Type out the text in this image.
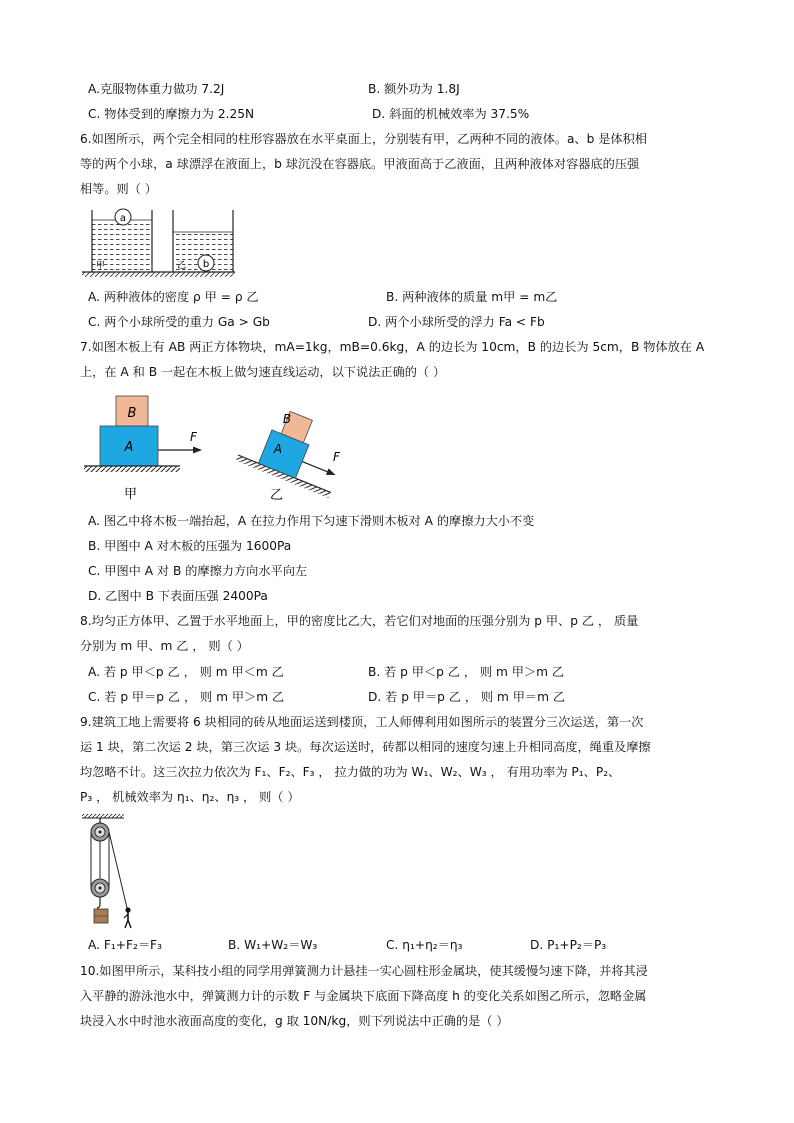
A.克服物体重力做功 7.2J	B. 额外功为 1.8J
C. 物体受到的摩擦力为 2.25N	D. 斜面的机械效率为 37.5%
6.如图所示，两个完全相同的柱形容器放在水平桌面上，分别装有甲，乙两种不同的液体。a、b 是体积相
等的两个小球，a 球漂浮在液面上，b 球沉没在容器底。甲液面高于乙液面，且两种液体对容器底的压强
相等。则（ ）
a
甲	b
乙
A. 两种液体的密度 ρ 甲 = ρ 乙	B. 两种液体的质量 m甲 = m乙
C. 两个小球所受的重力 Ga > Gb	D. 两个小球所受的浮力 Fa < Fb
7.如图木板上有 AB 两正方体物块，mA=1kg，mB=0.6kg，A 的边长为 10cm，B 的边长为 5cm，B 物体放在 A
上，在 A 和 B 一起在木板上做匀速直线运动，以下说法正确的（ ）
B
A
F
甲
B
A
F
乙
A. 图乙中将木板一端抬起，A 在拉力作用下匀速下滑则木板对 A 的摩擦力大小不变
B. 甲图中 A 对木板的压强为 1600Pa
C. 甲图中 A 对 B 的摩擦力方向水平向左
D. 乙图中 B 下表面压强 2400Pa
8.均匀正方体甲、乙置于水平地面上，甲的密度比乙大，若它们对地面的压强分别为 p 甲、p 乙 ， 质量
分别为 m 甲、m 乙 ， 则（ ）
A. 若 p 甲＜p 乙 ， 则 m 甲＜m 乙	B. 若 p 甲＜p 乙 ， 则 m 甲＞m 乙
C. 若 p 甲＝p 乙 ， 则 m 甲＞m 乙	D. 若 p 甲＝p 乙 ， 则 m 甲＝m 乙
9.建筑工地上需要将 6 块相同的砖从地面运送到楼顶，工人师傅利用如图所示的装置分三次运送，第一次
运 1 块，第二次运 2 块，第三次运 3 块。每次运送时，砖都以相同的速度匀速上升相同高度，绳重及摩擦
均忽略不计。这三次拉力依次为 F₁、F₂、F₃ ， 拉力做的功为 W₁、W₂、W₃ ， 有用功率为 P₁、P₂、
P₃ ， 机械效率为 η₁、η₂、η₃ ， 则（ ）
A. F₁+F₂＝F₃	B. W₁+W₂＝W₃	C. η₁+η₂＝η₃	D. P₁+P₂＝P₃
10.如图甲所示，某科技小组的同学用弹簧测力计悬挂一实心圆柱形金属块，使其缓慢匀速下降，并将其浸
入平静的游泳池水中，弹簧测力计的示数 F 与金属块下底面下降高度 h 的变化关系如图乙所示，忽略金属
块浸入水中时池水液面高度的变化，g 取 10N/kg，则下列说法中正确的是（ ）
